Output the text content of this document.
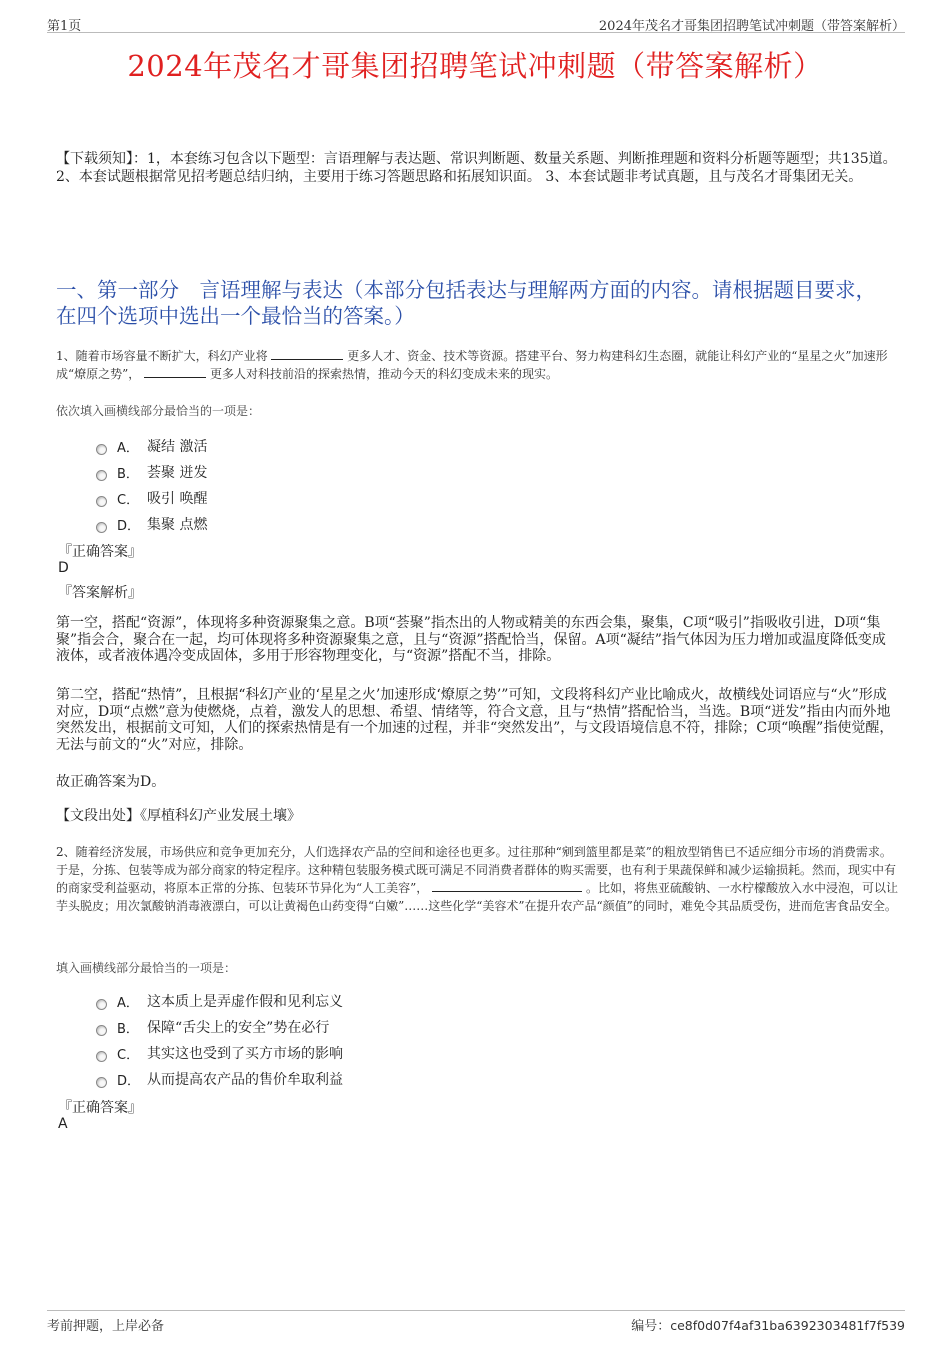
第1页	2024年茂名才哥集团招聘笔试冲刺题（带答案解析）
2024年茂名才哥集团招聘笔试冲刺题（带答案解析）
【下载须知】：1，本套练习包含以下题型：言语理解与表达题、常识判断题、数量关系题、判断推理题和资料分析题等题型；共135道。 2、本套试题根据常见招考题总结归纳，主要用于练习答题思路和拓展知识面。 3、本套试题非考试真题，且与茂名才哥集团无关。
一、第一部分　言语理解与表达（本部分包括表达与理解两方面的内容。请根据题目要求，在四个选项中选出一个最恰当的答案。）
1、随着市场容量不断扩大，科幻产业将	更多人才、资金、技术等资源。搭建平台、努力构建科幻生态圈，就能让科幻产业的“星星之火”加速形成“燎原之势”，	更多人对科技前沿的探索热情，推动今天的科幻变成未来的现实。
依次填入画横线部分最恰当的一项是：
A． 凝结 激活
B． 荟聚 迸发
C． 吸引 唤醒
D． 集聚 点燃
『正确答案』
D
『答案解析』
第一空，搭配“资源”，体现将多种资源聚集之意。B项“荟聚”指杰出的人物或精美的东西会集，聚集，C项“吸引”指吸收引进，D项“集聚”指会合，聚合在一起，均可体现将多种资源聚集之意，且与“资源”搭配恰当，保留。A项“凝结”指气体因为压力增加或温度降低变成液体，或者液体遇冷变成固体，多用于形容物理变化，与“资源”搭配不当，排除。
第二空，搭配“热情”，且根据“科幻产业的‘星星之火’加速形成‘燎原之势’”可知，文段将科幻产业比喻成火，故横线处词语应与“火”形成对应，D项“点燃”意为使燃烧，点着，激发人的思想、希望、情绪等，符合文意，且与“热情”搭配恰当，当选。B项“迸发”指由内而外地突然发出，根据前文可知，人们的探索热情是有一个加速的过程，并非“突然发出”，与文段语境信息不符，排除；C项“唤醒”指使觉醒，无法与前文的“火”对应，排除。
故正确答案为D。
【文段出处】《厚植科幻产业发展土壤》
2、随着经济发展，市场供应和竞争更加充分，人们选择农产品的空间和途径也更多。过往那种“剜到篮里都是菜”的粗放型销售已不适应细分市场的消费需求。于是，分拣、包装等成为部分商家的特定程序。这种精包装服务模式既可满足不同消费者群体的购买需要，也有利于果蔬保鲜和减少运输损耗。然而，现实中有的商家受利益驱动，将原本正常的分拣、包装环节异化为“人工美容”，	。比如，将焦亚硫酸钠、一水柠檬酸放入水中浸泡，可以让芋头脱皮；用次氯酸钠消毒液漂白，可以让黄褐色山药变得“白嫩”……这些化学“美容术”在提升农产品“颜值”的同时，难免令其品质受伤，进而危害食品安全。
填入画横线部分最恰当的一项是：
A． 这本质上是弄虚作假和见利忘义
B． 保障“舌尖上的安全”势在必行
C． 其实这也受到了买方市场的影响
D． 从而提高农产品的售价牟取利益
『正确答案』
A
考前押题，上岸必备	编号：ce8f0d07f4af31ba6392303481f7f539
